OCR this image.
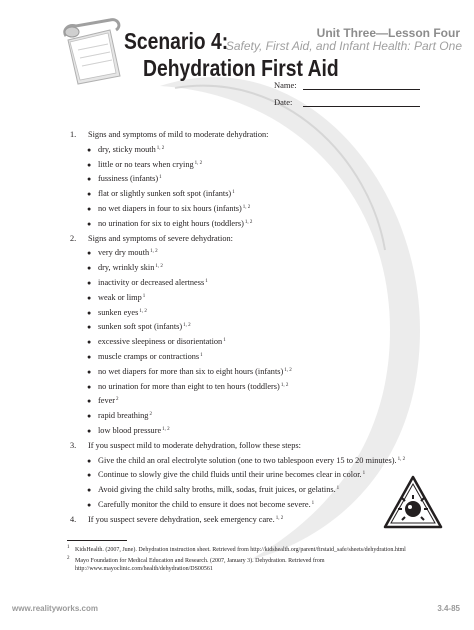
Unit Three—Lesson Four
Safety, First Aid, and Infant Health: Part One
Scenario 4:
Dehydration First Aid
Name:
Date:
1. Signs and symptoms of mild to moderate dehydration:
● dry, sticky mouth$^{1, 2}$
● little or no tears when crying$^{1, 2}$
● fussiness (infants)$^1$
● flat or slightly sunken soft spot (infants)$^1$
● no wet diapers in four to six hours (infants)$^{1, 2}$
● no urination for six to eight hours (toddlers)$^{1, 2}$
2. Signs and symptoms of severe dehydration:
● very dry mouth$^{1, 2}$
● dry, wrinkly skin$^{1, 2}$
● inactivity or decreased alertness$^1$
● weak or limp$^1$
● sunken eyes$^{1, 2}$
● sunken soft spot (infants)$^{1, 2}$
● excessive sleepiness or disorientation$^1$
● muscle cramps or contractions$^1$
● no wet diapers for more than six to eight hours (infants)$^{1, 2}$
● no urination for more than eight to ten hours (toddlers)$^{1, 2}$
● fever$^2$
● rapid breathing$^2$
● low blood pressure$^{1, 2}$
3. If you suspect mild to moderate dehydration, follow these steps:
● Give the child an oral electrolyte solution (one to two tablespoon every 15 to 20 minutes).$^{1, 2}$
● Continue to slowly give the child fluids until their urine becomes clear in color.$^1$
● Avoid giving the child salty broths, milk, sodas, fruit juices, or gelatins.$^1$
● Carefully monitor the child to ensure it does not become severe.$^1$
4. If you suspect severe dehydration, seek emergency care.$^{1, 2}$
1 KidsHealth. (2007, June). Dehydration instruction sheet. Retrieved from http://kidshealth.org/parent/firstaid_safe/sheets/dehydration.html
2 Mayo Foundation for Medical Education and Research. (2007, January 3). Dehydration. Retrieved from http://www.mayoclinic.com/health/dehydration/DS00561
www.realityworks.com	3.4-85
